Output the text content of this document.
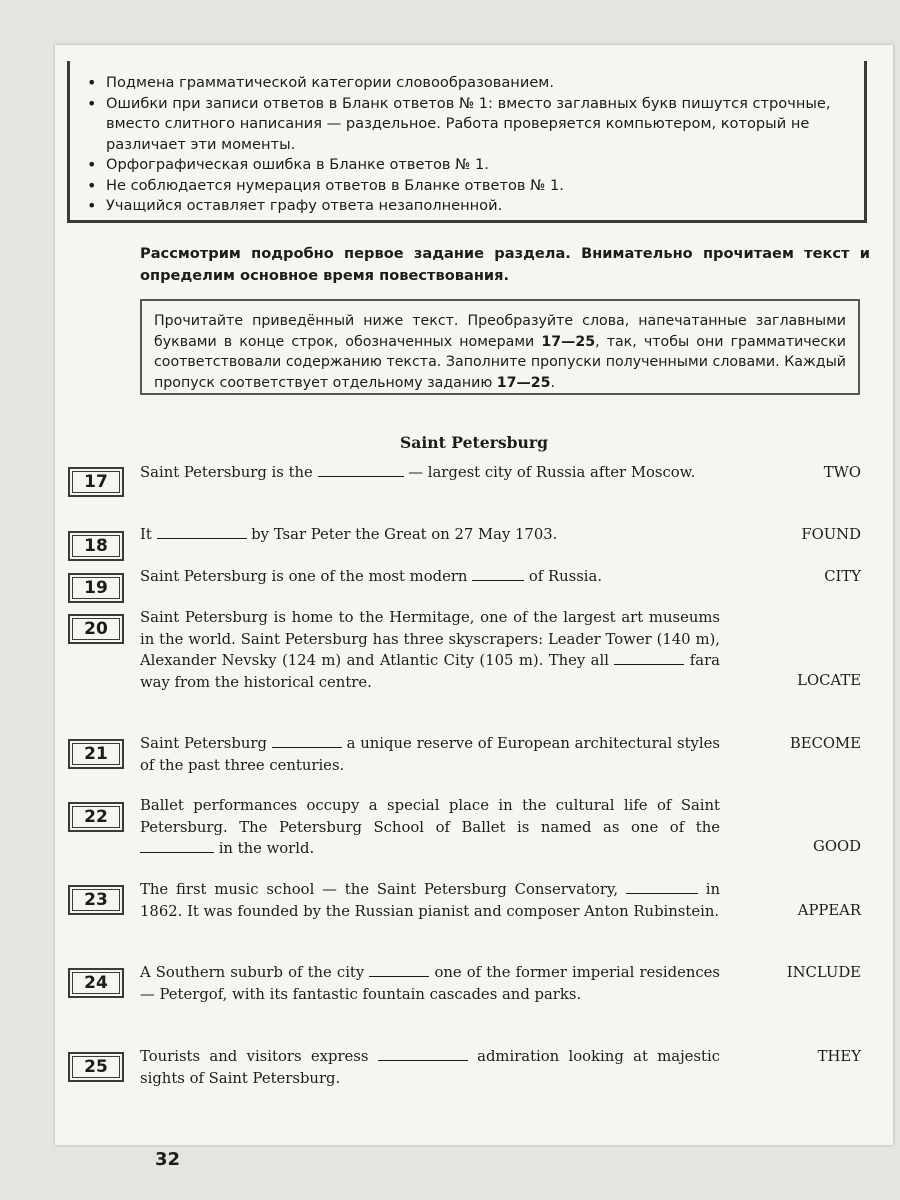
• Подмена грамматической категории словообразованием.
• Ошибки при записи ответов в Бланк ответов № 1: вместо заглавных букв пишутся строчные, вместо слитного написания — раздельное. Работа проверяется компьютером, который не различает эти моменты.
• Орфографическая ошибка в Бланке ответов № 1.
• Не соблюдается нумерация ответов в Бланке ответов № 1.
• Учащийся оставляет графу ответа незаполненной.
Рассмотрим подробно первое задание раздела. Внимательно прочитаем текст и определим основное время повествования.
Прочитайте приведённый ниже текст. Преобразуйте слова, напечатанные заглавными буквами в конце строк, обозначенных номерами 17—25, так, чтобы они грамматически соответствовали содержанию текста. Заполните пропуски полученными словами. Каждый пропуск соответствует отдельному заданию 17—25.
Saint Petersburg
17	Saint Petersburg is the	— largest city of Russia after Moscow.	TWO
18
It	by Tsar Peter the Great on 27 May 1703.	FOUND
19
Saint Petersburg is one of the most modern	of Russia.	CITY
20
Saint Petersburg is home to the Hermitage, one of the largest art museums in the world. Saint Petersburg has three skyscrapers: Leader Tower (140 m), Alexander Nevsky (124 m) and Atlantic City (105 m). They all	fara way from the historical centre.	LOCATE
21
Saint Petersburg	a unique reserve of European architectural styles of the past three centuries.
BECOME
22
Ballet performances occupy a special place in the cultural life of Saint Petersburg. The Petersburg School of Ballet is named as one of the  in the world.	GOOD
23
The first music school — the Saint Petersburg Conservatory,	in 1862. It was founded by the Russian pianist and composer Anton Rubinstein.	APPEAR
24
A Southern suburb of the city	one of the former imperial residences — Petergof, with its fantastic fountain cascades and parks.
INCLUDE
25
Tourists and visitors express	admiration looking at majestic sights of Saint Petersburg.
THEY
32
